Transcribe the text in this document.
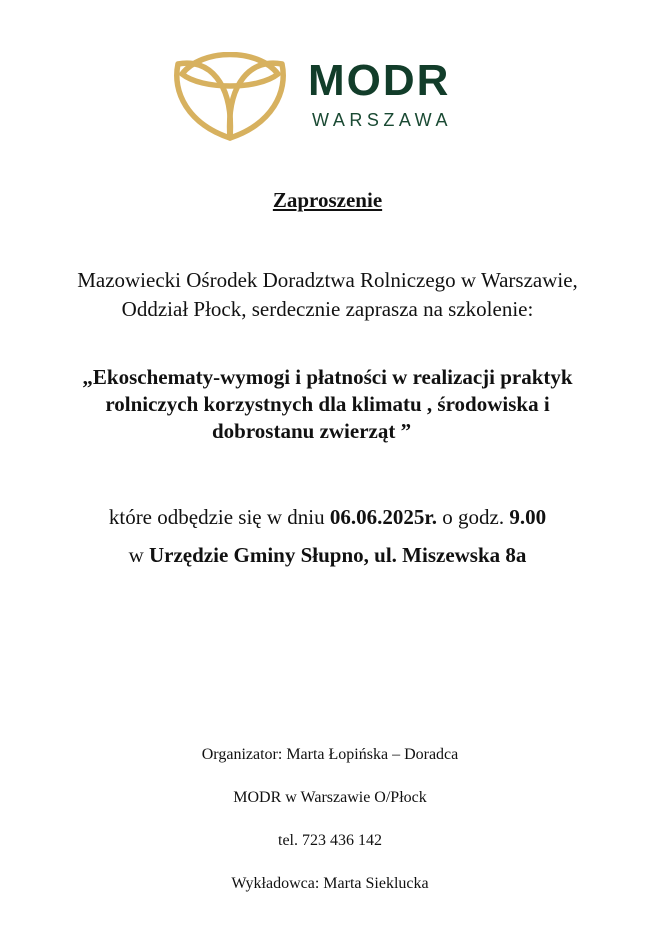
MODR
WARSZAWA
Zaproszenie
Mazowiecki Ośrodek Doradztwa Rolniczego w Warszawie,
Oddział Płock, serdecznie zaprasza na szkolenie:
„Ekoschematy-wymogi i płatności w realizacji praktyk
rolniczych korzystnych dla klimatu , środowiska i
dobrostanu zwierząt ”
które odbędzie się w dniu 06.06.2025r. o godz. 9.00
w Urzędzie Gminy Słupno, ul. Miszewska 8a
Organizator: Marta Łopińska – Doradca
MODR w Warszawie O/Płock
tel. 723 436 142
Wykładowca: Marta Sieklucka
